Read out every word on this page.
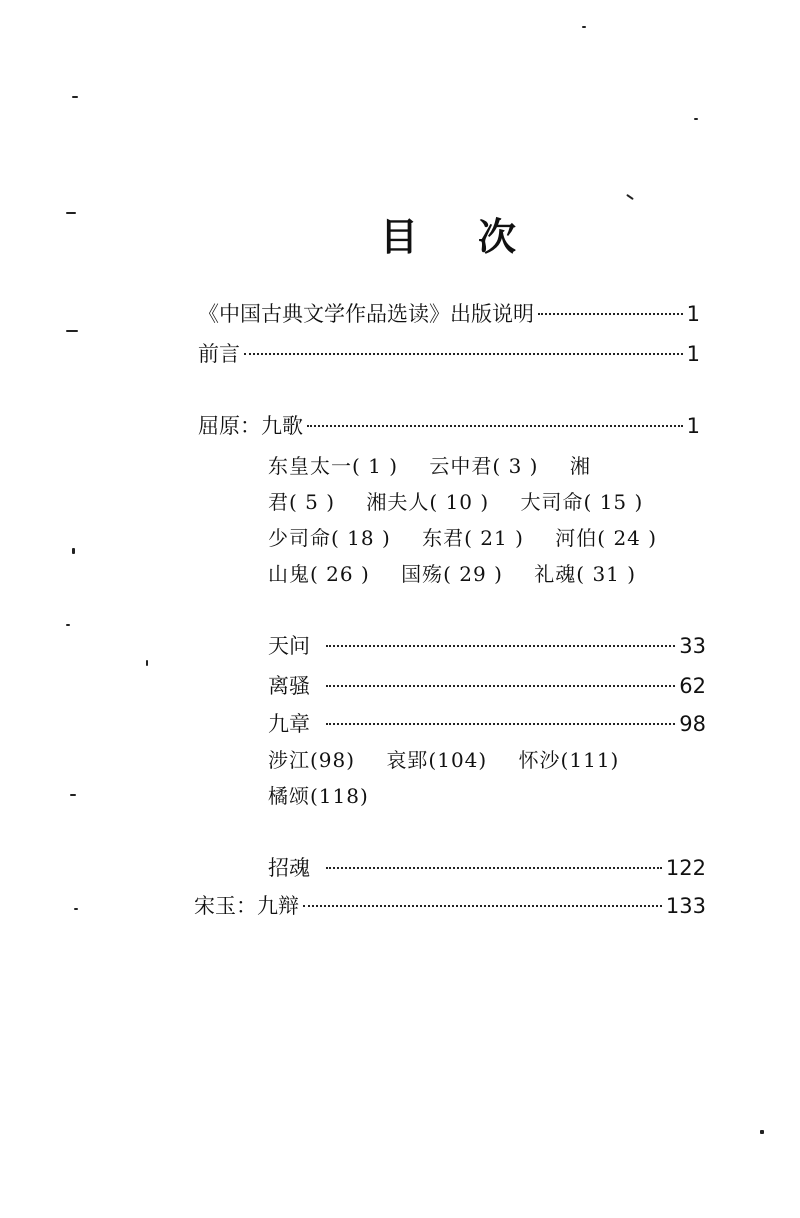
目 次
《中国古典文学作品选读》出版说明	1
前言	1
屈原： 九歌	1
东皇太一( 1 ) 云中君( 3 ) 湘
君( 5 ) 湘夫人( 10 ) 大司命( 15 )
少司命( 18 ) 东君( 21 ) 河伯( 24 )
山鬼( 26 ) 国殇( 29 ) 礼魂( 31 )
天问	33
离骚	62
九章	98
涉江(98) 哀郢(104) 怀沙(111)
橘颂(118)
招魂	122
宋玉： 九辩	133
